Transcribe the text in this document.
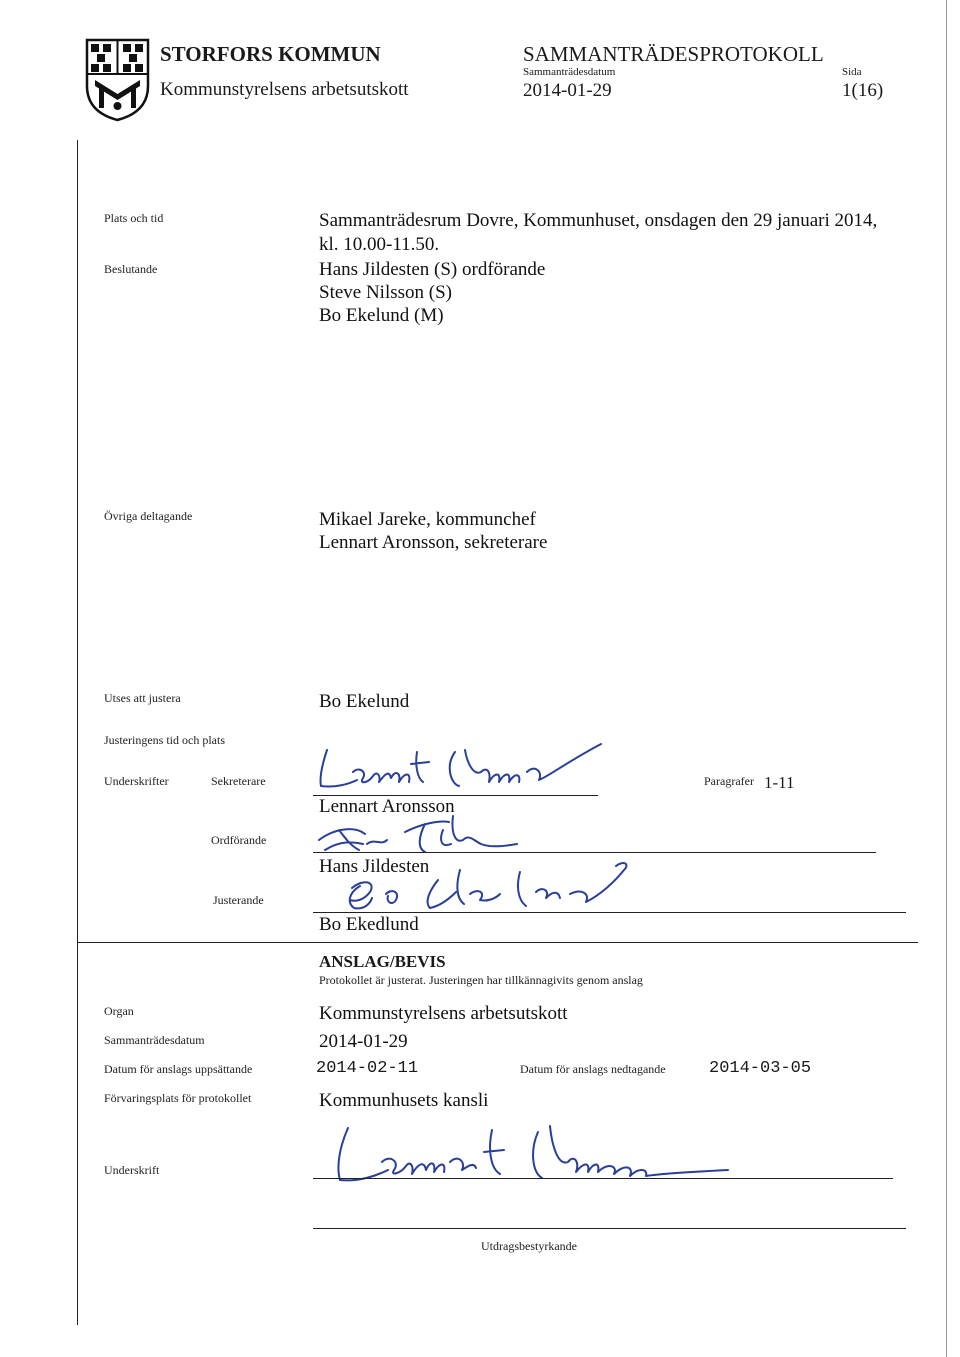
STORFORS KOMMUN
Kommunstyrelsens arbetsutskott
SAMMANTRÄDESPROTOKOLL
Sammanträdesdatum
2014-01-29
Sida
1(16)
Plats och tid	Sammanträdesrum Dovre, Kommunhuset, onsdagen den 29 januari 2014,
kl. 10.00-11.50.
Beslutande	Hans Jildesten (S) ordförande
Steve Nilsson (S)
Bo Ekelund (M)
Övriga deltagande	Mikael Jareke, kommunchef
Lennart Aronsson, sekreterare
Utses att justera	Bo Ekelund
Justeringens tid och plats
Underskrifter	Sekreterare
Lennart Aronsson
Paragrafer 1-11
Ordförande
Hans Jildesten
Justerande
Bo Ekedlund
ANSLAG/BEVIS
Protokollet är justerat. Justeringen har tillkännagivits genom anslag
Organ	Kommunstyrelsens arbetsutskott
Sammanträdesdatum	2014-01-29
Datum för anslags uppsättande	2014-02-11	Datum för anslags nedtagande	2014-03-05
Förvaringsplats för protokollet	Kommunhusets kansli
Underskrift
Utdragsbestyrkande
